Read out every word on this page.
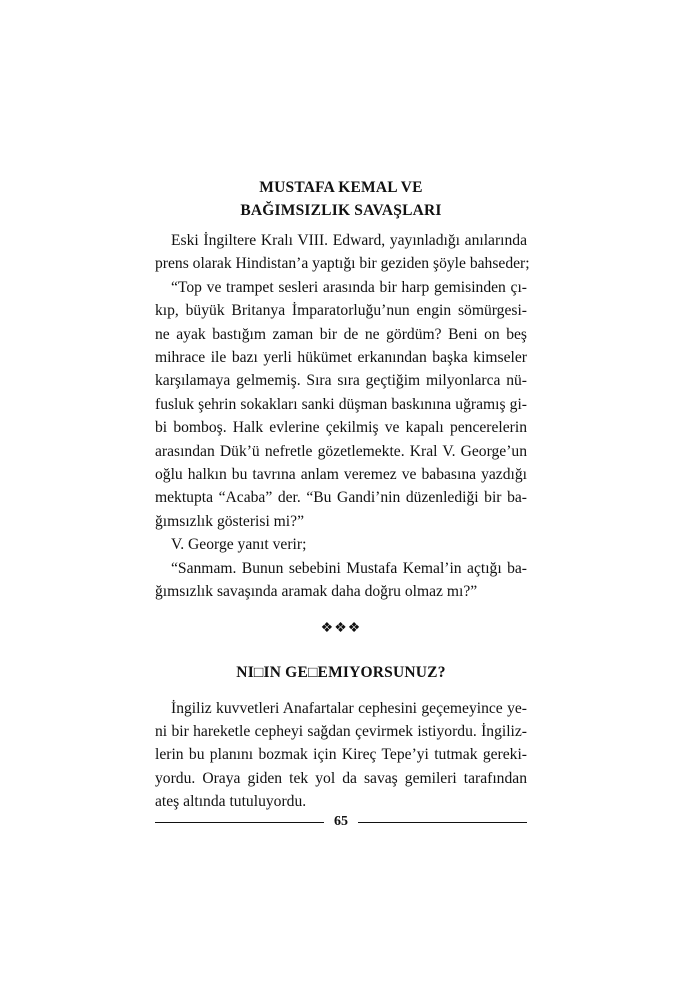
MUSTAFA KEMAL VE
BAĞIMSIZLIK SAVAŞLARI

Eski İngiltere Kralı VIII. Edward, yayınladığı anılarında
prens olarak Hindistan’a yaptığı bir geziden şöyle bahseder;

“Top ve trampet sesleri arasında bir harp gemisinden çı-
kıp, büyük Britanya İmparatorluğu’nun engin sömürgesi-
ne ayak bastığım zaman bir de ne gördüm? Beni on beş
mihrace ile bazı yerli hükümet erkanından başka kimseler
karşılamaya gelmemiş. Sıra sıra geçtiğim milyonlarca nü-
fusluk şehrin sokakları sanki düşman baskınına uğramış gi-
bi bomboş. Halk evlerine çekilmiş ve kapalı pencerelerin
arasından Dük’ü nefretle gözetlemekte. Kral V. George’un
oğlu halkın bu tavrına anlam veremez ve babasına yazdığı
mektupta “Acaba” der. “Bu Gandi’nin düzenlediği bir ba-
ğımsızlık gösterisi mi?”

V. George yanıt verir;

“Sanmam. Bunun sebebini Mustafa Kemal’in açtığı ba-
ğımsızlık savaşında aramak daha doğru olmaz mı?”

❖❖❖
NI□IN GE□EMIYORSUNUZ?

İngiliz kuvvetleri Anafartalar cephesini geçemeyince ye-
ni bir hareketle cepheyi sağdan çevirmek istiyordu. İngiliz-
lerin bu planını bozmak için Kireç Tepe’yi tutmak gereki-
yordu. Oraya giden tek yol da savaş gemileri tarafından
ateş altında tutuluyordu.

65
